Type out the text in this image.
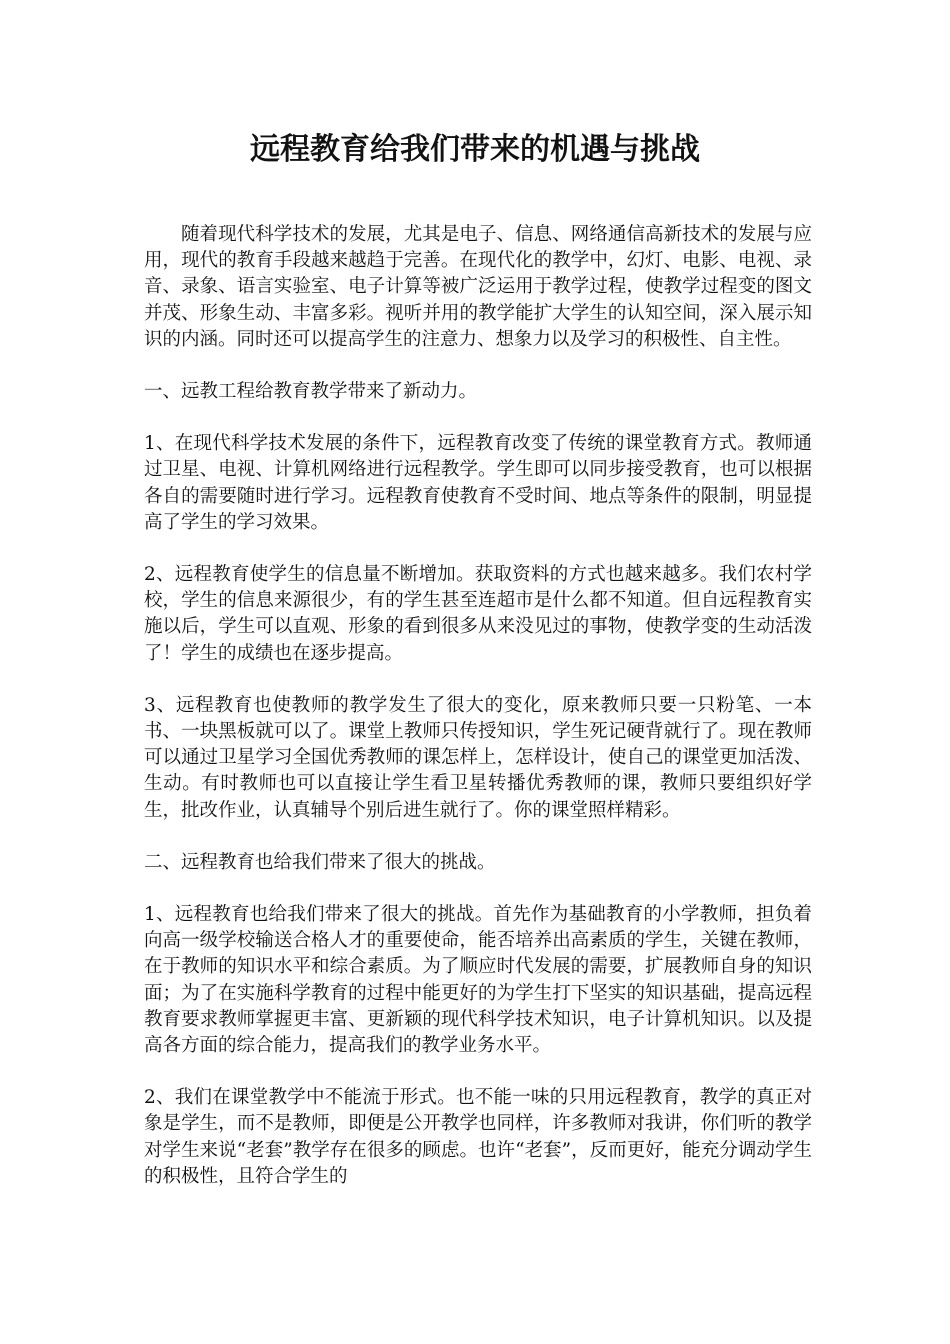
远程教育给我们带来的机遇与挑战

随着现代科学技术的发展，尤其是电子、信息、网络通信高新技术的发展与应用，现代的教育手段越来越趋于完善。在现代化的教学中，幻灯、电影、电视、录音、录象、语言实验室、电子计算等被广泛运用于教学过程，使教学过程变的图文并茂、形象生动、丰富多彩。视听并用的教学能扩大学生的认知空间，深入展示知识的内涵。同时还可以提高学生的注意力、想象力以及学习的积极性、自主性。

一、远教工程给教育教学带来了新动力。

1、在现代科学技术发展的条件下，远程教育改变了传统的课堂教育方式。教师通过卫星、电视、计算机网络进行远程教学。学生即可以同步接受教育，也可以根据各自的需要随时进行学习。远程教育使教育不受时间、地点等条件的限制，明显提高了学生的学习效果。

2、远程教育使学生的信息量不断增加。获取资料的方式也越来越多。我们农村学校，学生的信息来源很少，有的学生甚至连超市是什么都不知道。但自远程教育实施以后，学生可以直观、形象的看到很多从来没见过的事物，使教学变的生动活泼了！学生的成绩也在逐步提高。

3、远程教育也使教师的教学发生了很大的变化，原来教师只要一只粉笔、一本书、一块黑板就可以了。课堂上教师只传授知识，学生死记硬背就行了。现在教师可以通过卫星学习全国优秀教师的课怎样上，怎样设计，使自己的课堂更加活泼、生动。有时教师也可以直接让学生看卫星转播优秀教师的课，教师只要组织好学生，批改作业，认真辅导个别后进生就行了。你的课堂照样精彩。

二、远程教育也给我们带来了很大的挑战。

1、远程教育也给我们带来了很大的挑战。首先作为基础教育的小学教师，担负着向高一级学校输送合格人才的重要使命，能否培养出高素质的学生，关键在教师，在于教师的知识水平和综合素质。为了顺应时代发展的需要，扩展教师自身的知识面；为了在实施科学教育的过程中能更好的为学生打下坚实的知识基础，提高远程教育要求教师掌握更丰富、更新颖的现代科学技术知识，电子计算机知识。以及提高各方面的综合能力，提高我们的教学业务水平。

2、我们在课堂教学中不能流于形式。也不能一味的只用远程教育，教学的真正对象是学生，而不是教师，即便是公开教学也同样，许多教师对我讲，你们听的教学对学生来说“老套”教学存在很多的顾虑。也许“老套”，反而更好，能充分调动学生的积极性，且符合学生的
